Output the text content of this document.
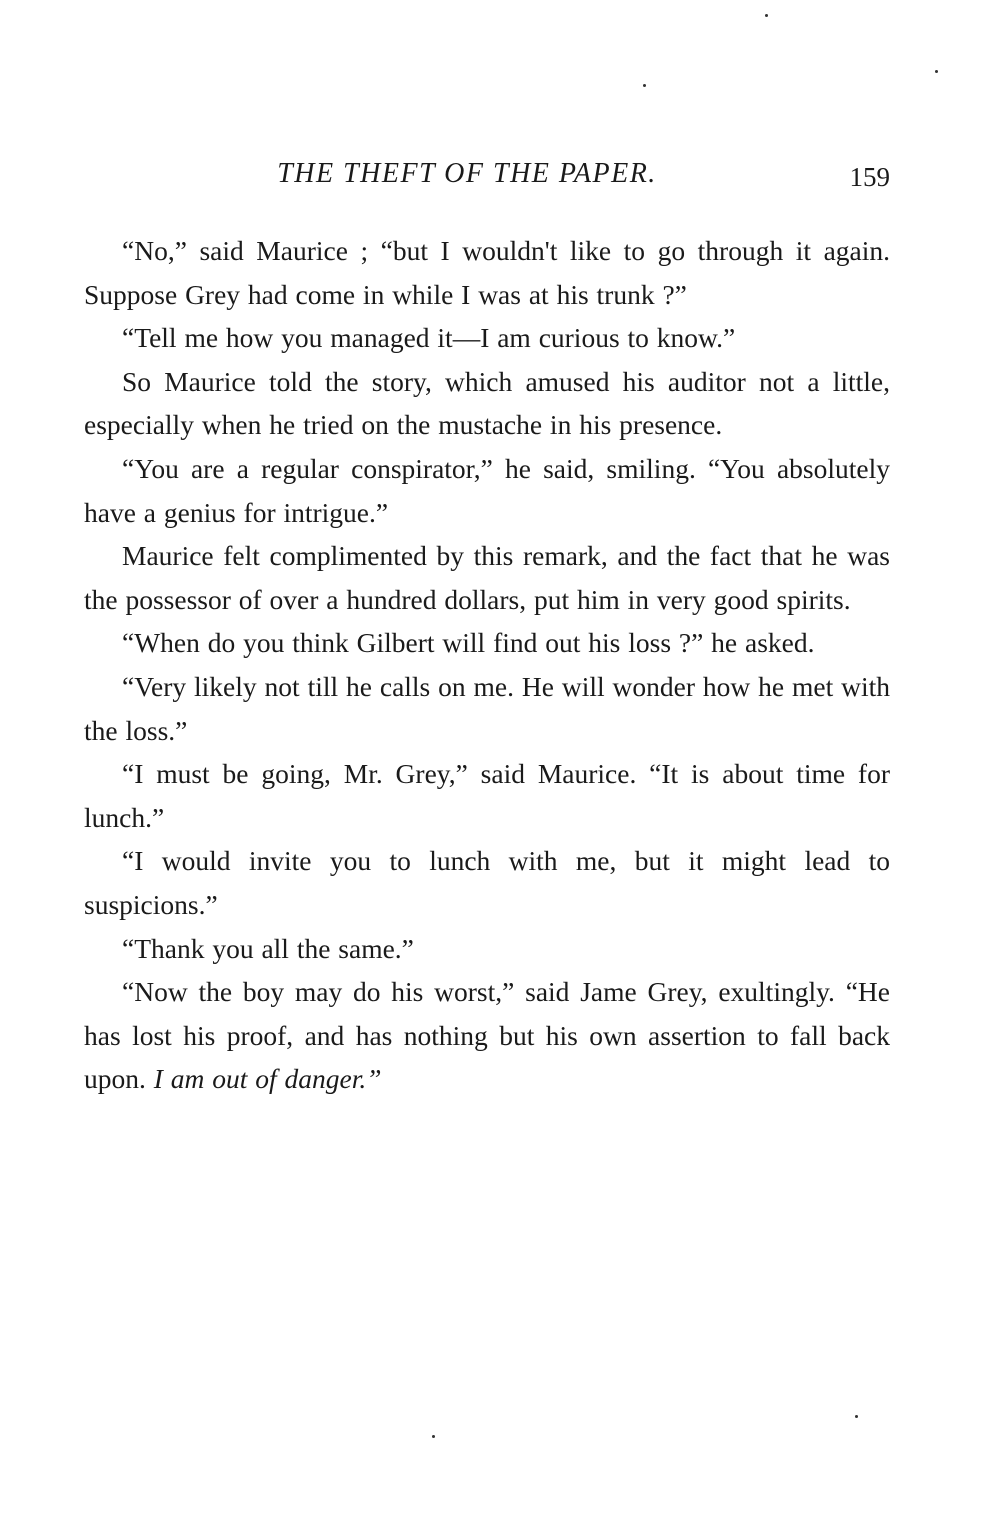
THE THEFT OF THE PAPER.	159

“No,” said Maurice ; “but I wouldn't like to go through it again. Suppose Grey had come in while I was at his trunk ?”

“Tell me how you managed it—I am curious to know.”

So Maurice told the story, which amused his auditor not a little, especially when he tried on the mustache in his presence.

“You are a regular conspirator,” he said, smiling. “You absolutely have a genius for intrigue.”

Maurice felt complimented by this remark, and the fact that he was the possessor of over a hundred dollars, put him in very good spirits.

“When do you think Gilbert will find out his loss ?” he asked.

“Very likely not till he calls on me. He will wonder how he met with the loss.”

“I must be going, Mr. Grey,” said Maurice. “It is about time for lunch.”

“I would invite you to lunch with me, but it might lead to suspicions.”

“Thank you all the same.”

“Now the boy may do his worst,” said Jame Grey, exultingly. “He has lost his proof, and has nothing but his own assertion to fall back upon. I am out of danger.”
